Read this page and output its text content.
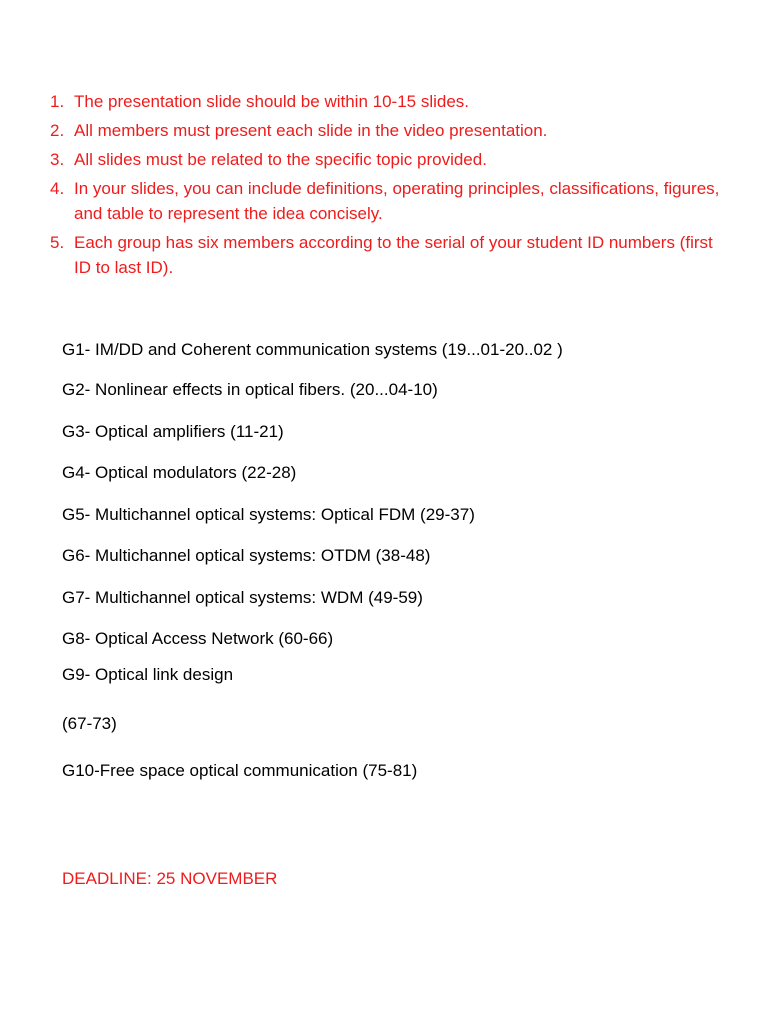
1. The presentation slide should be within 10-15 slides.
2. All members must present each slide in the video presentation.
3. All slides must be related to the specific topic provided.
4. In your slides, you can include definitions, operating principles, classifications, figures, and table to represent the idea concisely.
5. Each group has six members according to the serial of your student ID numbers (first ID to last ID).
G1- IM/DD and Coherent communication systems (19...01-20..02 )
G2- Nonlinear effects in optical fibers. (20...04-10)
G3- Optical amplifiers (11-21)
G4- Optical modulators (22-28)
G5- Multichannel optical systems: Optical FDM (29-37)
G6- Multichannel optical systems: OTDM (38-48)
G7- Multichannel optical systems: WDM (49-59)
G8- Optical Access Network (60-66)
G9- Optical link design
(67-73)
G10-Free space optical communication (75-81)
DEADLINE: 25 NOVEMBER
